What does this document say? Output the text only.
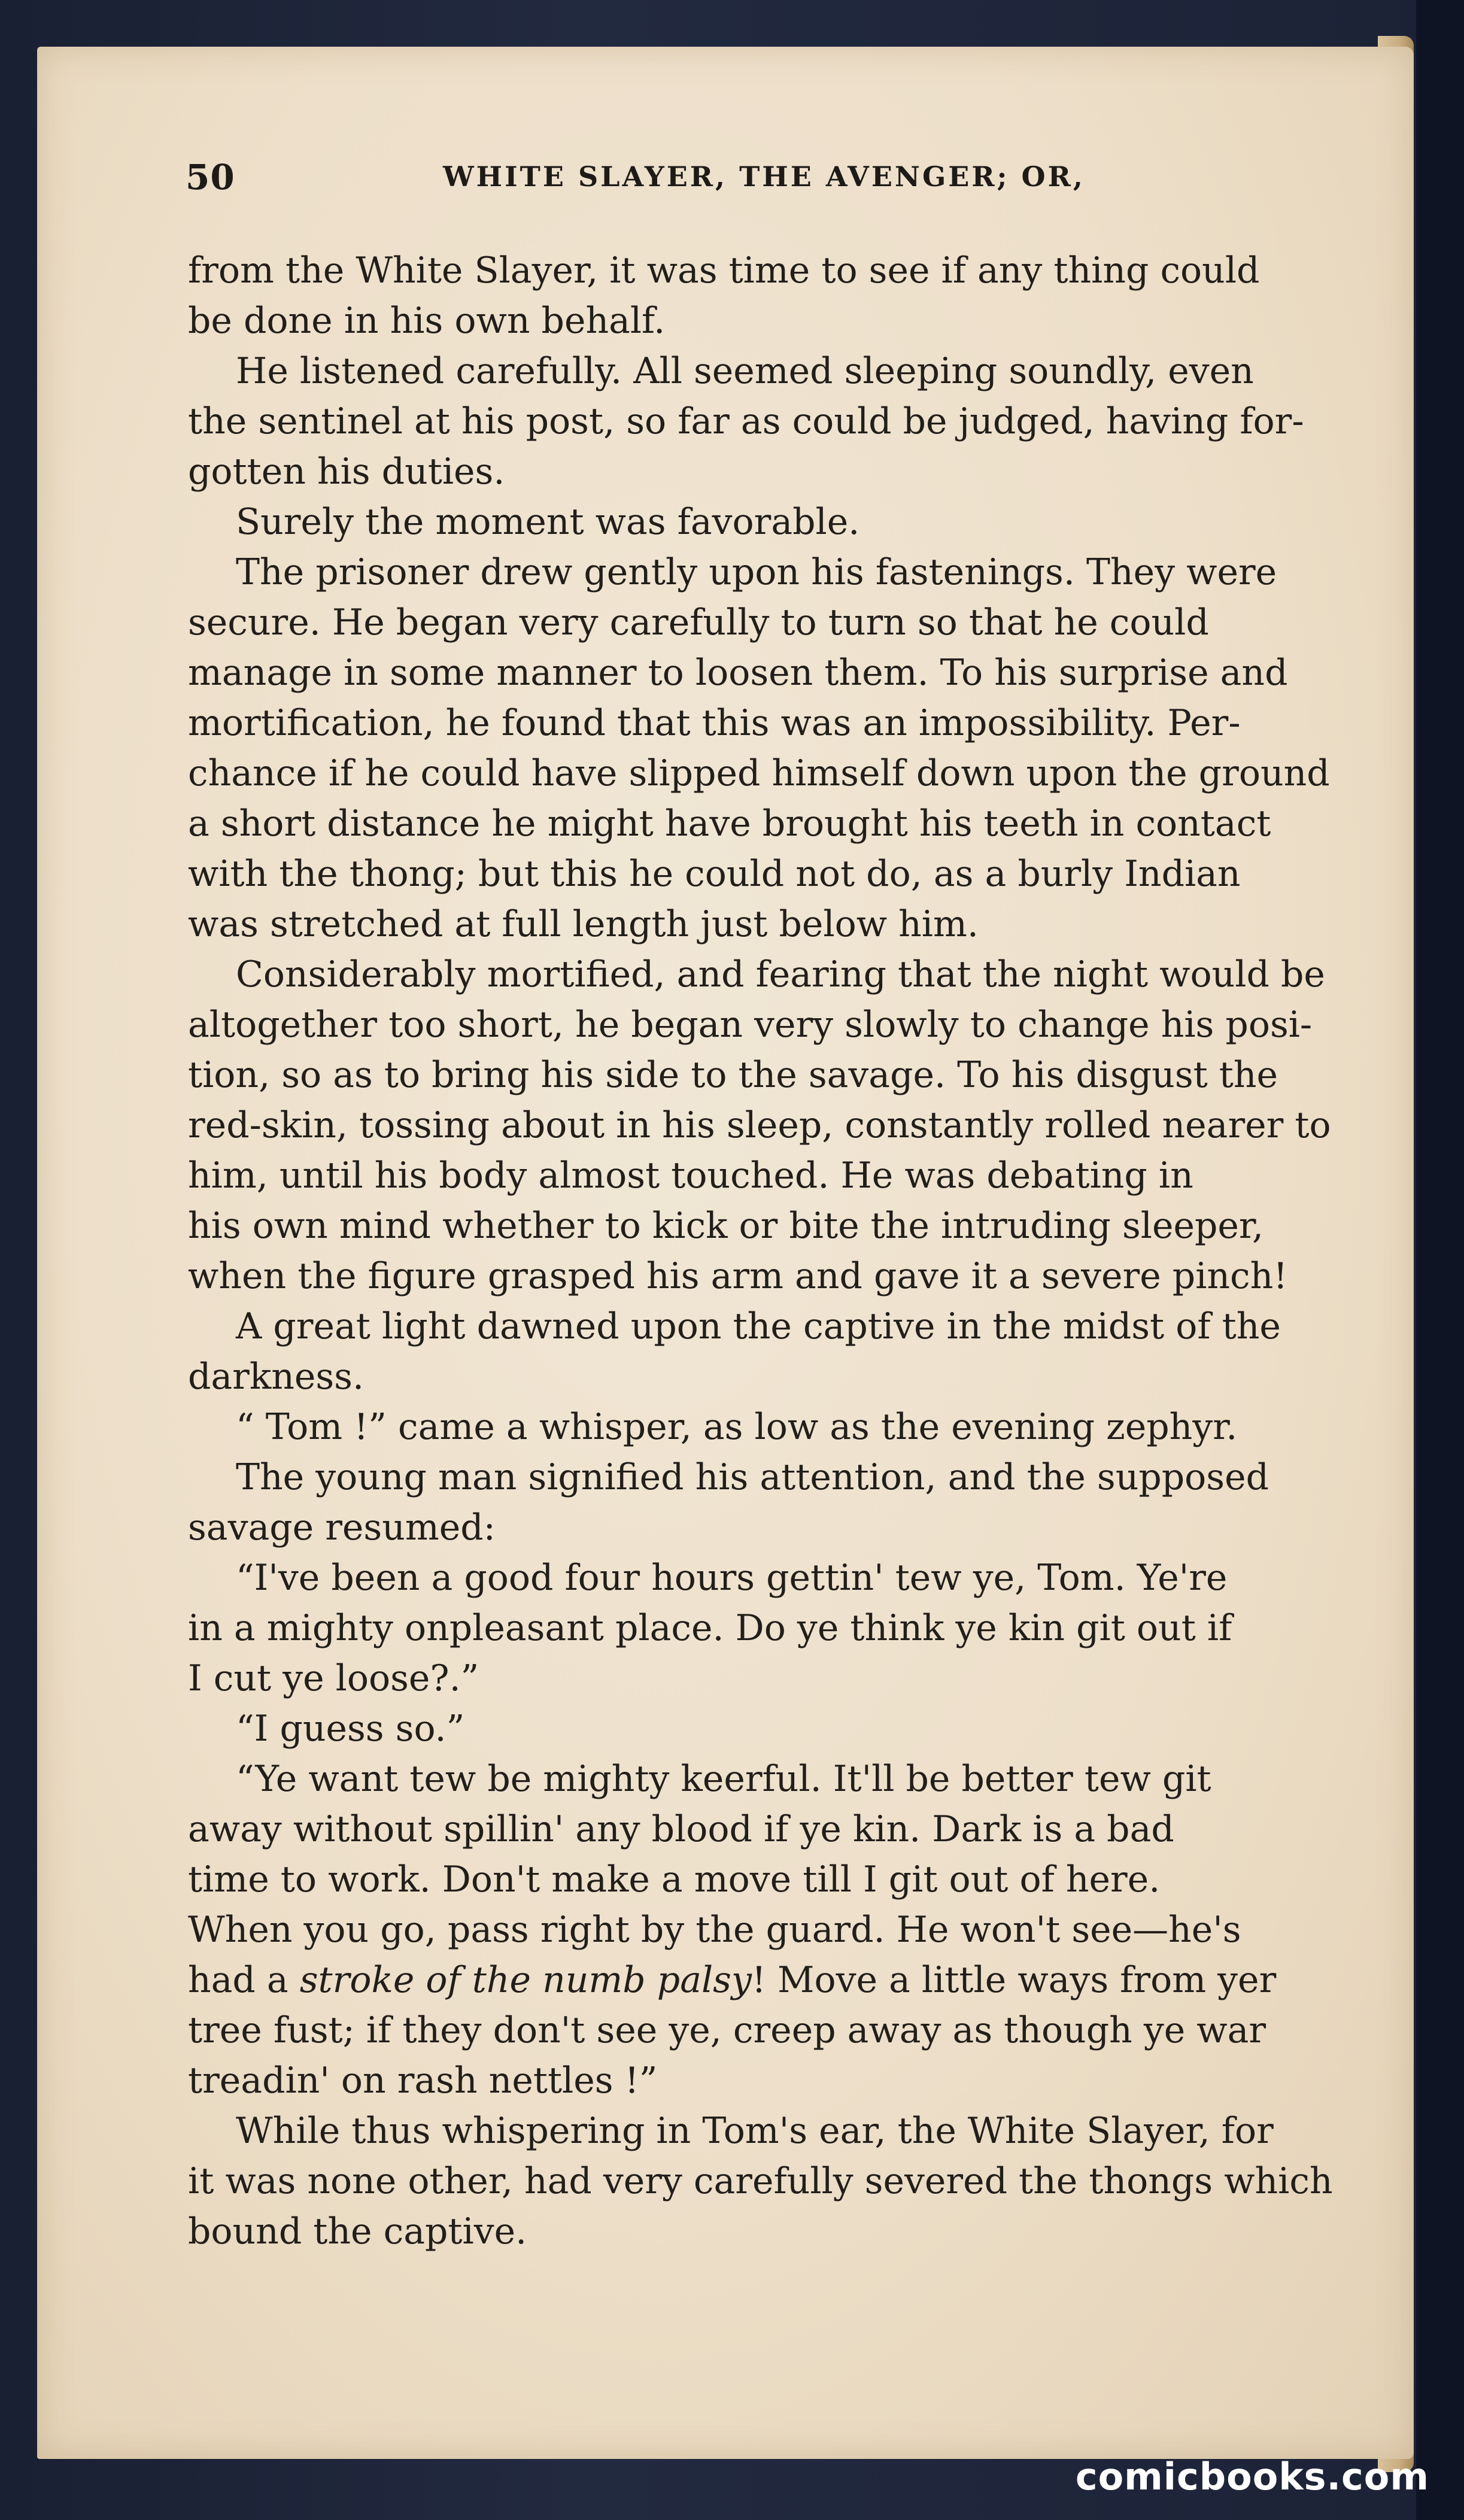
50	WHITE SLAYER, THE AVENGER; OR,

from the White Slayer, it was time to see if any thing could
be done in his own behalf.

He listened carefully. All seemed sleeping soundly, even
the sentinel at his post, so far as could be judged, having for-
gotten his duties.

Surely the moment was favorable.

The prisoner drew gently upon his fastenings. They were
secure. He began very carefully to turn so that he could
manage in some manner to loosen them. To his surprise and
mortification, he found that this was an impossibility. Per-
chance if he could have slipped himself down upon the ground
a short distance he might have brought his teeth in contact
with the thong; but this he could not do, as a burly Indian
was stretched at full length just below him.

Considerably mortified, and fearing that the night would be
altogether too short, he began very slowly to change his posi-
tion, so as to bring his side to the savage. To his disgust the
red-skin, tossing about in his sleep, constantly rolled nearer to
him, until his body almost touched. He was debating in
his own mind whether to kick or bite the intruding sleeper,
when the figure grasped his arm and gave it a severe pinch!

A great light dawned upon the captive in the midst of the
darkness.

“ Tom !” came a whisper, as low as the evening zephyr.

The young man signified his attention, and the supposed
savage resumed:

“I've been a good four hours gettin' tew ye, Tom. Ye're
in a mighty onpleasant place. Do ye think ye kin git out if
I cut ye loose?.”

“I guess so.”

“Ye want tew be mighty keerful. It'll be better tew git
away without spillin' any blood if ye kin. Dark is a bad
time to work. Don't make a move till I git out of here.
When you go, pass right by the guard. He won't see—he's
had a stroke of the numb palsy! Move a little ways from yer
tree fust; if they don't see ye, creep away as though ye war
treadin' on rash nettles !”

While thus whispering in Tom's ear, the White Slayer, for
it was none other, had very carefully severed the thongs which
bound the captive.

comicbooks.com
